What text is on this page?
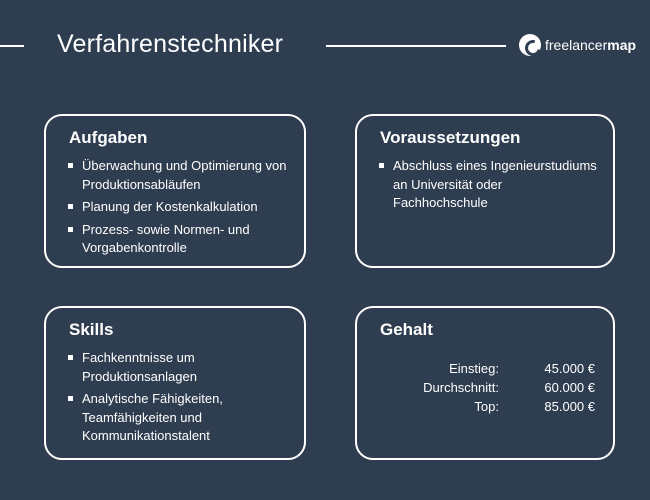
Verfahrenstechniker	freelancermap
Aufgaben
Überwachung und Optimierung von Produktionsabläufen
Planung der Kostenkalkulation
Prozess- sowie Normen- und Vorgabenkontrolle
Voraussetzungen
Abschluss eines Ingenieurstudiums an Universität oder Fachhochschule
Skills
Fachkenntnisse um Produktionsanlagen
Analytische Fähigkeiten, Teamfähigkeiten und Kommunikationstalent
Gehalt
Einstieg:	45.000 €
Durchschnitt:	60.000 €
Top:	85.000 €
